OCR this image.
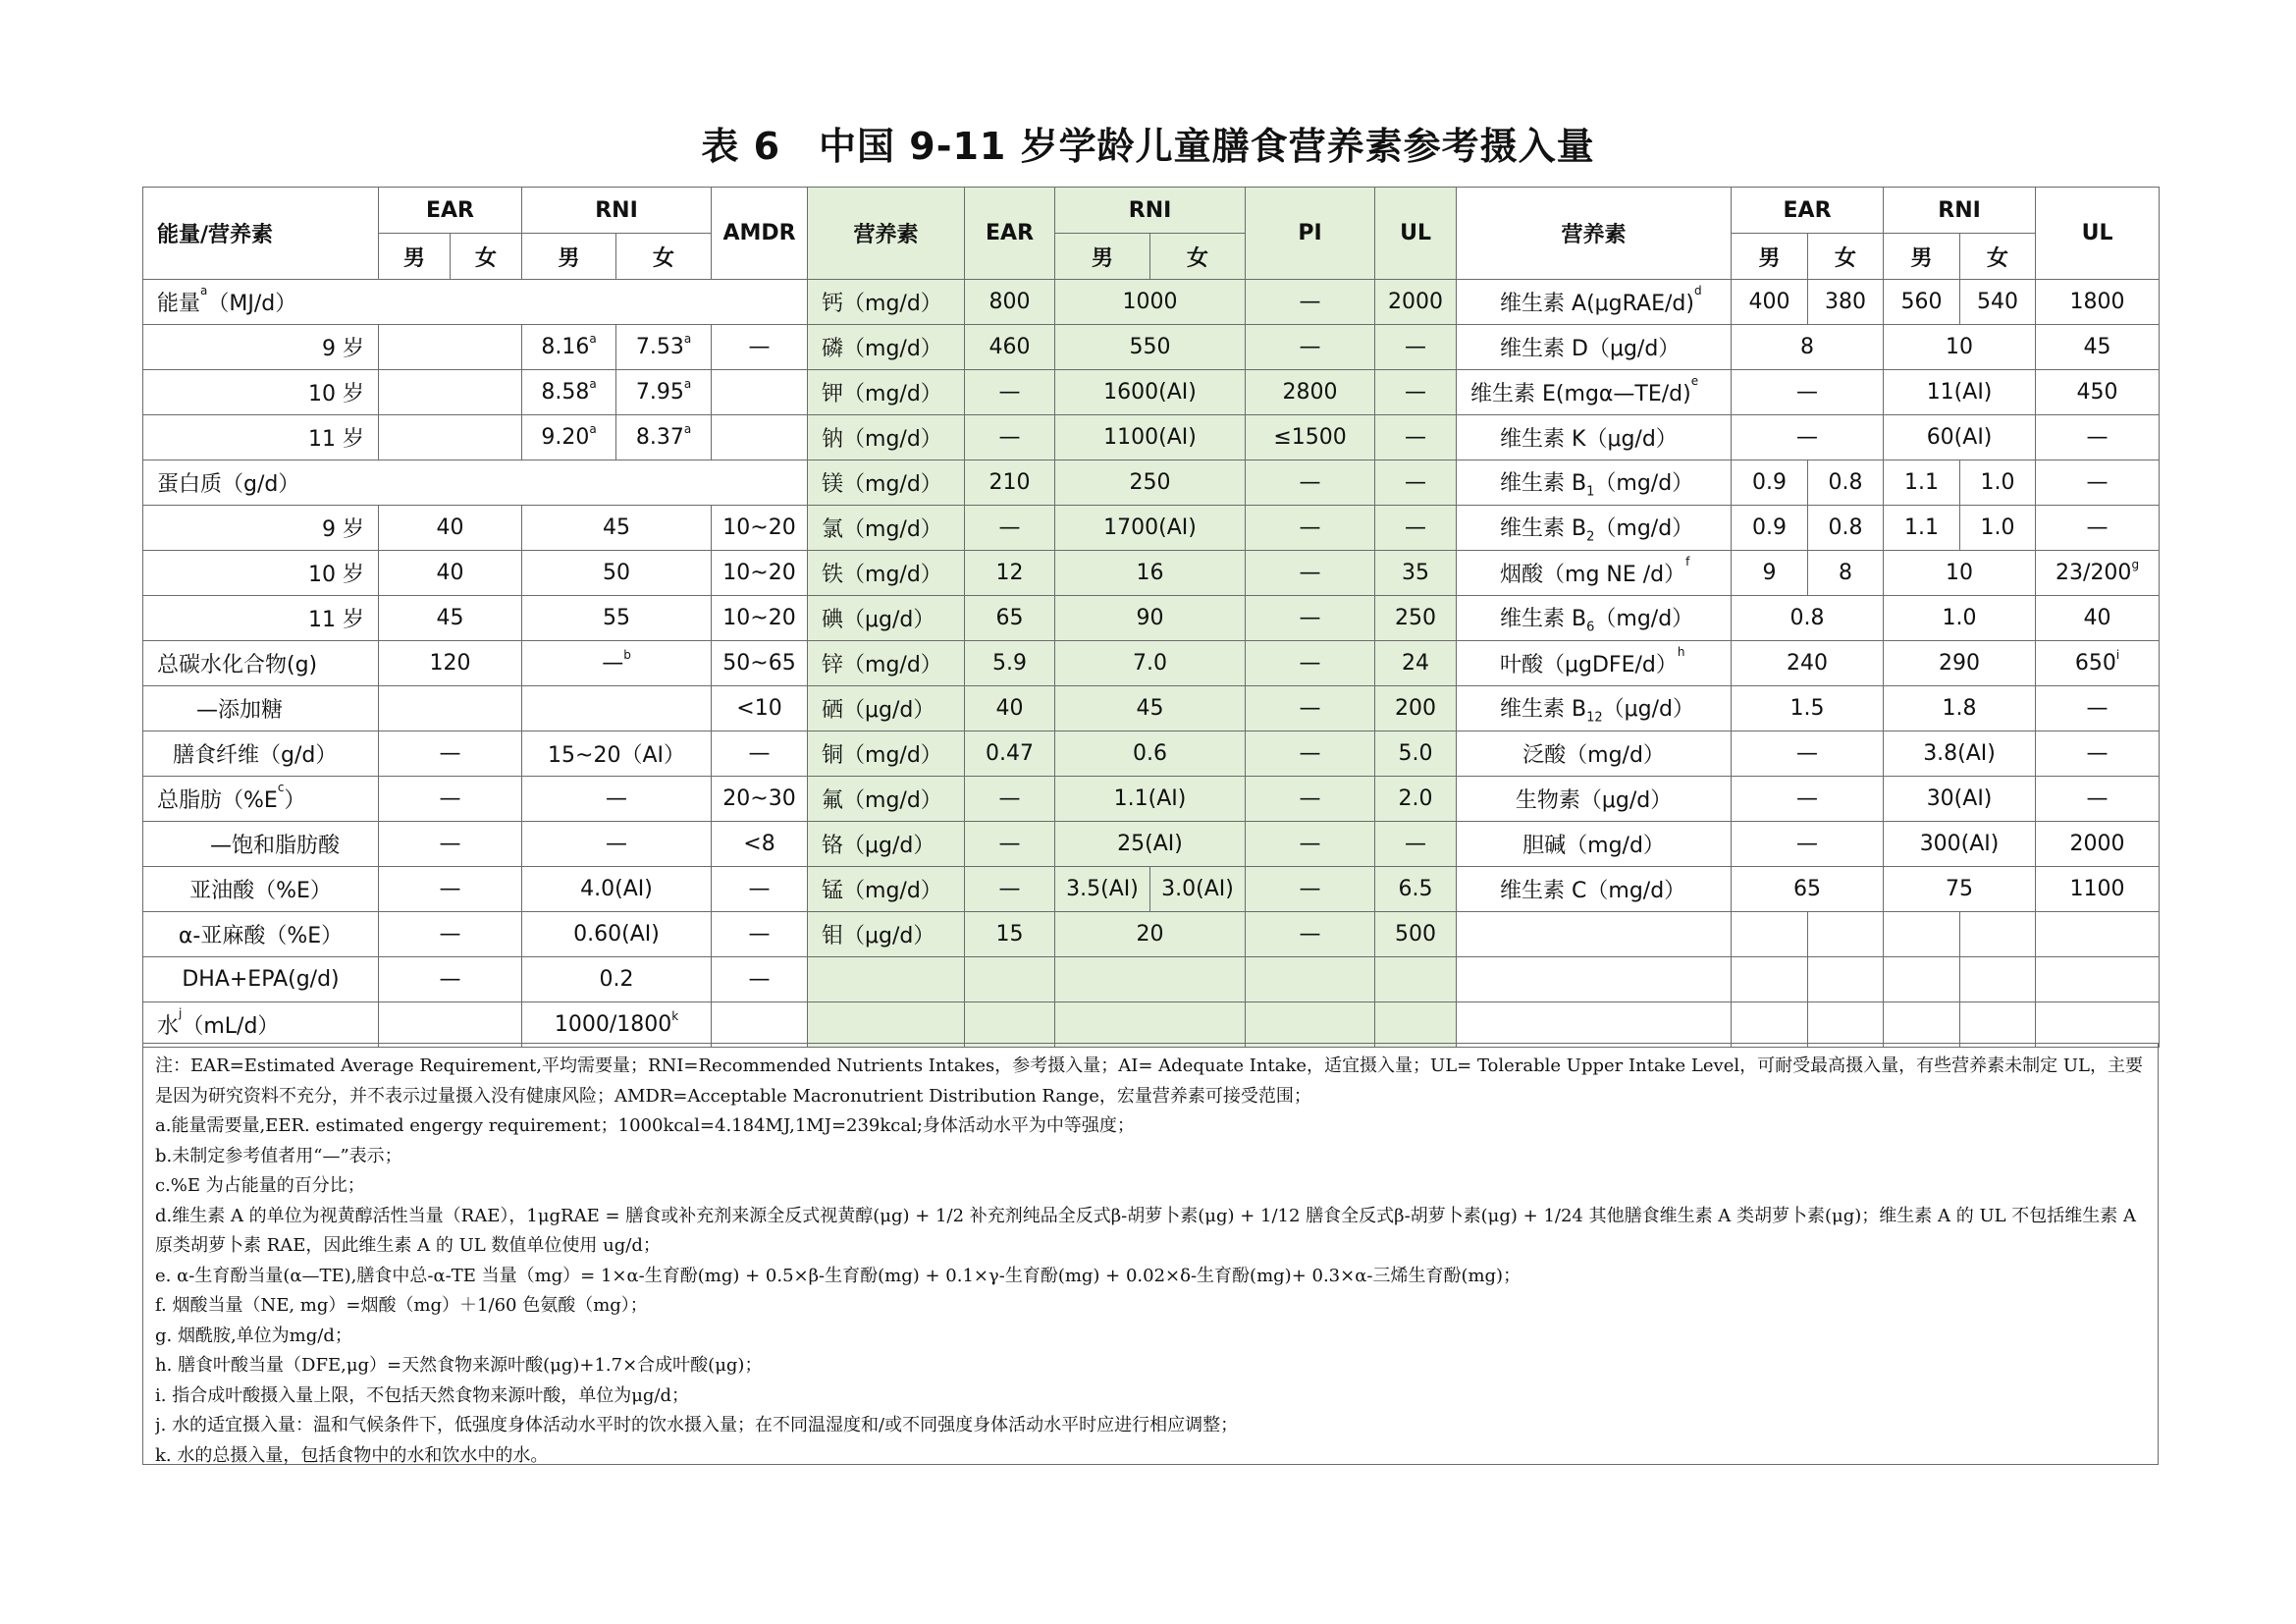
表 6　中国 9-11 岁学龄儿童膳食营养素参考摄入量
能量/营养素	EAR		RNI		AMDR	营养素	EAR	RNI		PI	UL	营养素	EAR		RNI		UL
	男	女	男	女				男	女				男	女	男	女	
能量$^a$（MJ/d）						钙（mg/d）	800	1000		—	2000	维生素 A(μgRAE/d)$^d$	400	380	560	540	1800
9 岁			8.16$^a$	7.53$^a$	—	磷（mg/d）	460	550		—	—	维生素 D（μg/d）	8		10		45
10 岁			8.58$^a$	7.95$^a$		钾（mg/d）	—	1600(AI)		2800	—	维生素 E(mgα—TE/d)$^e$	—		11(AI)		450
11 岁			9.20$^a$	8.37$^a$		钠（mg/d）	—	1100(AI)		≤1500	—	维生素 K（μg/d）	—		60(AI)		—
蛋白质（g/d）						镁（mg/d）	210	250		—	—	维生素 $B_1(mg/d)$	0.9	0.8	1.1	1.0	—
9 岁	40		45		10~20	氯（mg/d）	—	1700(AI)		—	—	维生素 $B_2(mg/d)$	0.9	0.8	1.1	1.0	—
10 岁	40		50		10~20	铁（mg/d）	12	16		—	35	烟酸（mg NE /d）$^f$	9	8	10		23/200$^g$
11 岁	45		55		10~20	碘（μg/d）	65	90		—	250	维生素 $B_6(mg/d)$	0.8		1.0		40
总碳水化合物(g)	120		—$^b$		50~65	锌（mg/d）	5.9	7.0		—	24	叶酸（μgDFE/d）$^h$	240		290		650$^i$
—添加糖					<10	硒（μg/d）	40	45		—	200	维生素 $B_{12}(\mu g/d)$	1.5		1.8		—
膳食纤维（g/d）	—		15~20（AI）		—	铜（mg/d）	0.47	0.6		—	5.0	泛酸（mg/d）	—		3.8(AI)		—
总脂肪$(\%E^c)$	—		—		20~30	氟（mg/d）	—	1.1(AI)		—	2.0	生物素（μg/d）	—		30(AI)		—
—饱和脂肪酸	—		—		<8	铬（μg/d）	—	25(AI)		—	—	胆碱（mg/d）	—		300(AI)		2000
亚油酸（%E）	—		4.0(AI)		—	锰（mg/d）	—	3.5(AI)	3.0(AI)	—	6.5	维生素 C（mg/d）	65		75		1100
α-亚麻酸（%E）	—		0.60(AI)		—	钼（μg/d）	15	20		—	500						
DHA+EPA(g/d)	—		0.2		—												
水$^j$（mL/d）			1000/1800$^k$												
注：EAR=Estimated Average Requirement,平均需要量；RNI=Recommended Nutrients Intakes，参考摄入量；AI= Adequate Intake，适宜摄入量；UL= Tolerable Upper Intake Level，可耐受最高摄入量，有些营养素未制定 UL，主要是因为研究资料不充分，并不表示过量摄入没有健康风险；AMDR=Acceptable Macronutrient Distribution Range，宏量营养素可接受范围；
a.能量需要量,EER. estimated engergy requirement；1000kcal=4.184MJ,1MJ=239kcal;身体活动水平为中等强度；
b.未制定参考值者用“—”表示；
c.%E 为占能量的百分比；
d.维生素 A 的单位为视黄醇活性当量（RAE），1μgRAE = 膳食或补充剂来源全反式视黄醇(μg) + 1/2 补充剂纯品全反式β-胡萝卜素(μg) + 1/12 膳食全反式β-胡萝卜素(μg) + 1/24 其他膳食维生素 A 类胡萝卜素(μg)；维生素 A 的 UL 不包括维生素 A 原类胡萝卜素 RAE，因此维生素 A 的 UL 数值单位使用 ug/d；
e. α-生育酚当量(α—TE),膳食中总-α-TE 当量（mg）= 1×α-生育酚(mg) + 0.5×β-生育酚(mg) + 0.1×γ-生育酚(mg) + 0.02×δ-生育酚(mg)+ 0.3×α-三烯生育酚(mg)；
f. 烟酸当量（NE, mg）=烟酸（mg）＋1/60 色氨酸（mg）；
g. 烟酰胺,单位为mg/d；
h. 膳食叶酸当量（DFE,μg）=天然食物来源叶酸(μg)+1.7×合成叶酸(μg)；
i. 指合成叶酸摄入量上限，不包括天然食物来源叶酸，单位为μg/d；
j. 水的适宜摄入量：温和气候条件下，低强度身体活动水平时的饮水摄入量；在不同温湿度和/或不同强度身体活动水平时应进行相应调整；
k. 水的总摄入量，包括食物中的水和饮水中的水。
